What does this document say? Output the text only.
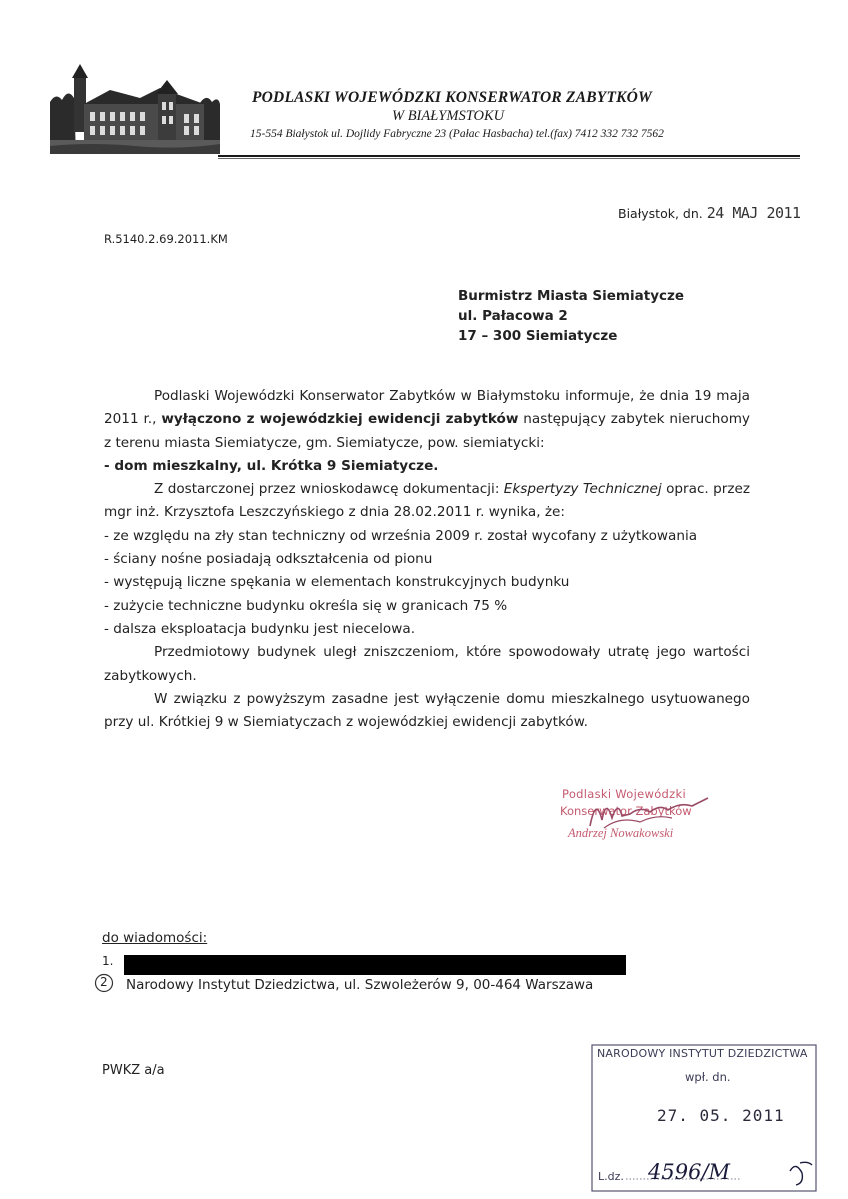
PODLASKI WOJEWÓDZKI KONSERWATOR ZABYTKÓW
W BIAŁYMSTOKU
15-554 Białystok ul. Dojlidy Fabryczne 23 (Pałac Hasbacha) tel.(fax) 7412 332 732 7562
Białystok, dn. 24 MAJ 2011
R.5140.2.69.2011.KM
Burmistrz Miasta Siemiatycze
ul. Pałacowa 2
17 – 300 Siemiatycze

Podlaski Wojewódzki Konserwator Zabytków w Białymstoku informuje, że dnia 19 maja 2011 r., wyłączono z wojewódzkiej ewidencji zabytków następujący zabytek nieruchomy z terenu miasta Siemiatycze, gm. Siemiatycze, pow. siemiatycki:

- dom mieszkalny, ul. Krótka 9 Siemiatycze.

Z dostarczonej przez wnioskodawcę dokumentacji: Ekspertyzy Technicznej oprac. przez mgr inż. Krzysztofa Leszczyńskiego z dnia 28.02.2011 r. wynika, że:

- ze względu na zły stan techniczny od września 2009 r. został wycofany z użytkowania

- ściany nośne posiadają odkształcenia od pionu

- występują liczne spękania w elementach konstrukcyjnych budynku

- zużycie techniczne budynku określa się w granicach 75 %

- dalsza eksploatacja budynku jest niecelowa.

Przedmiotowy budynek uległ zniszczeniom, które spowodowały utratę jego wartości zabytkowych.

W związku z powyższym zasadne jest wyłączenie domu mieszkalnego usytuowanego przy ul. Krótkiej 9 w Siemiatyczach z wojewódzkiej ewidencji zabytków.

Podlaski Wojewódzki
Konserwator Zabytków
Andrzej Nowakowski
do wiadomości:
1.
2 Narodowy Instytut Dziedzictwa, ul. Szwoleżerów 9, 00-464 Warszawa
PWKZ a/a
NARODOWY INSTYTUT DZIEDZICTWA
wpł. dn.
27. 05. 2011
L.dz. 4596/M
